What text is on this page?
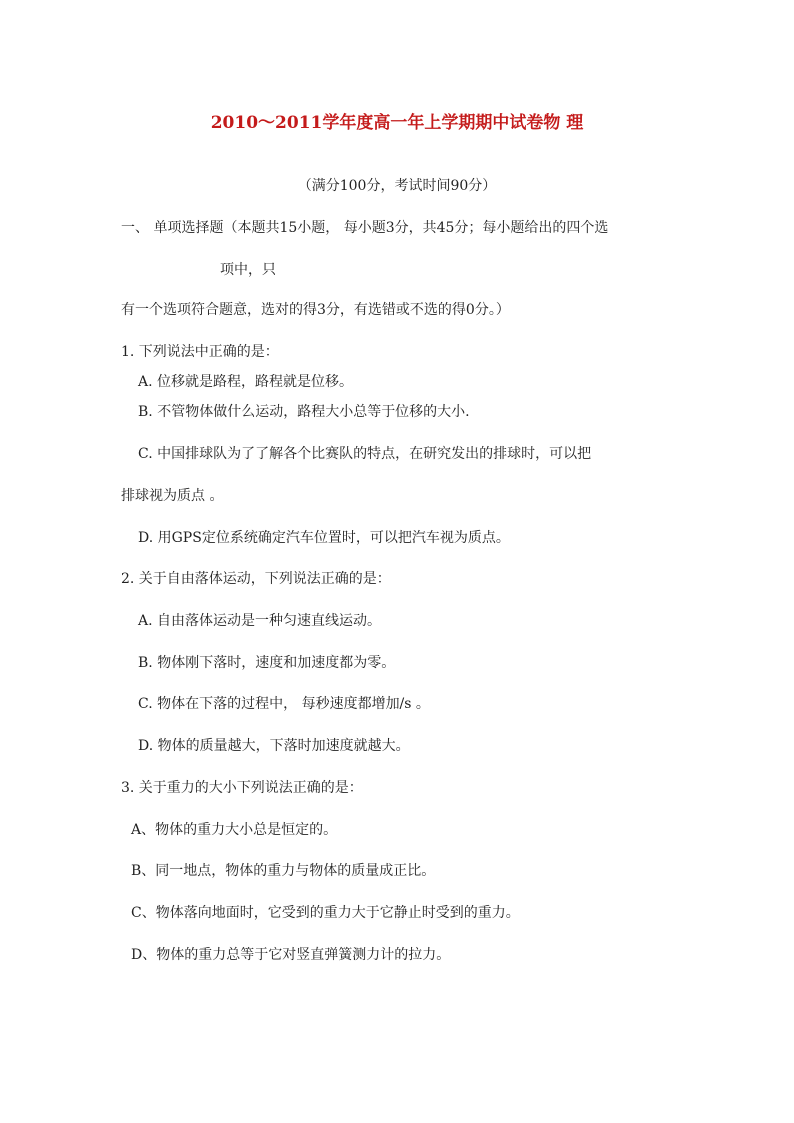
2010～2011学年度高一年上学期期中试卷物 理
（满分100分，考试时间90分）
一、 单项选择题（本题共15小题， 每小题3分，共45分；每小题给出的四个选
项中，只
有一个选项符合题意，选对的得3分，有选错或不选的得0分。）
1. 下列说法中正确的是：
A. 位移就是路程，路程就是位移。
B. 不管物体做什么运动，路程大小总等于位移的大小.
C. 中国排球队为了了解各个比赛队的特点，在研究发出的排球时，可以把
排球视为质点 。
D. 用GPS定位系统确定汽车位置时，可以把汽车视为质点。
2. 关于自由落体运动，下列说法正确的是：
A. 自由落体运动是一种匀速直线运动。
B. 物体刚下落时，速度和加速度都为零。
C. 物体在下落的过程中， 每秒速度都增加/s 。
D. 物体的质量越大，下落时加速度就越大。
3. 关于重力的大小下列说法正确的是：
A、物体的重力大小总是恒定的。
B、同一地点，物体的重力与物体的质量成正比。
C、物体落向地面时，它受到的重力大于它静止时受到的重力。
D、物体的重力总等于它对竖直弹簧测力计的拉力。
